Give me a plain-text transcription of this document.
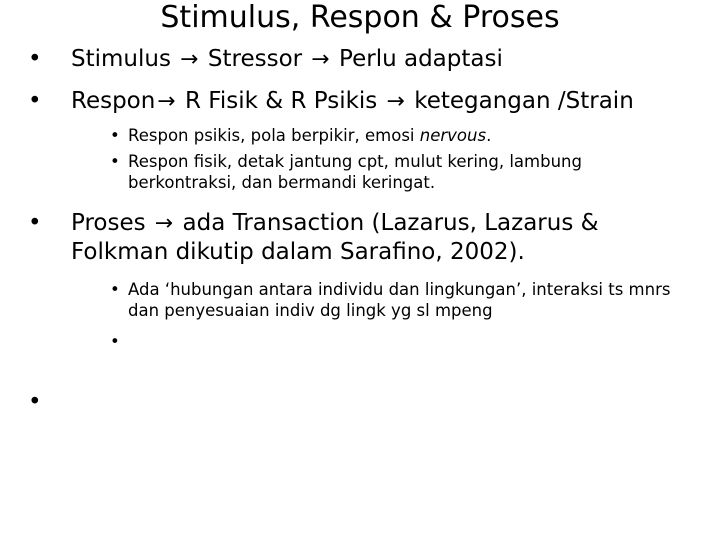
Stimulus, Respon & Proses
•	Stimulus → Stressor → Perlu adaptasi
•	Respon→ R Fisik & R Psikis → ketegangan /Strain
• Respon psikis, pola berpikir, emosi nervous.
• Respon fisik, detak jantung cpt, mulut kering, lambung berkontraksi, dan bermandi keringat.
•	Proses → ada Transaction (Lazarus, Lazarus & Folkman dikutip dalam Sarafino, 2002).
• Ada ‘hubungan antara individu dan lingkungan’, interaksi ts mnrs dan penyesuaian indiv dg lingk yg sl mpeng
•
•
